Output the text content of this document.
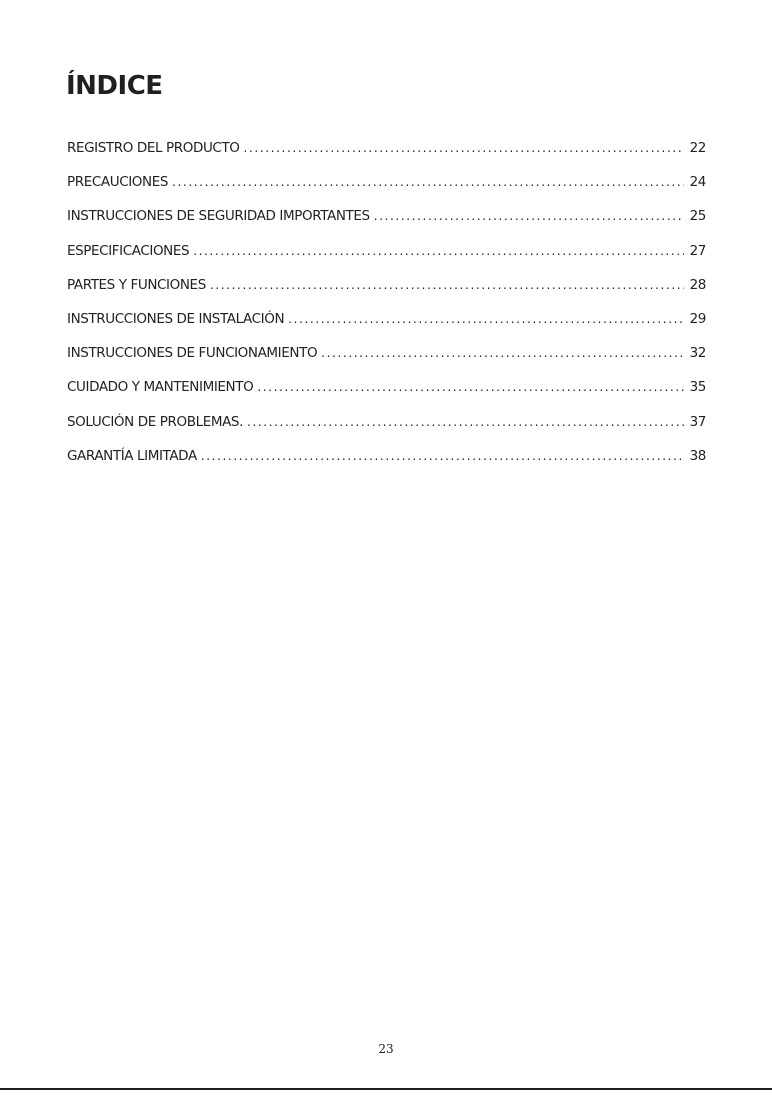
ÍNDICE
REGISTRO DEL PRODUCTO . . .	22
PRECAUCIONES . . .	24
INSTRUCCIONES DE SEGURIDAD IMPORTANTES . . .	25
ESPECIFICACIONES . . .	27
PARTES Y FUNCIONES . . .	28
INSTRUCCIONES DE INSTALACIÓN . . .	29
INSTRUCCIONES DE FUNCIONAMIENTO . . .	32
CUIDADO Y MANTENIMIENTO . . .	35
SOLUCIÓN DE PROBLEMAS. . . .	37
GARANTÍA LIMITADA . . .	38
23
